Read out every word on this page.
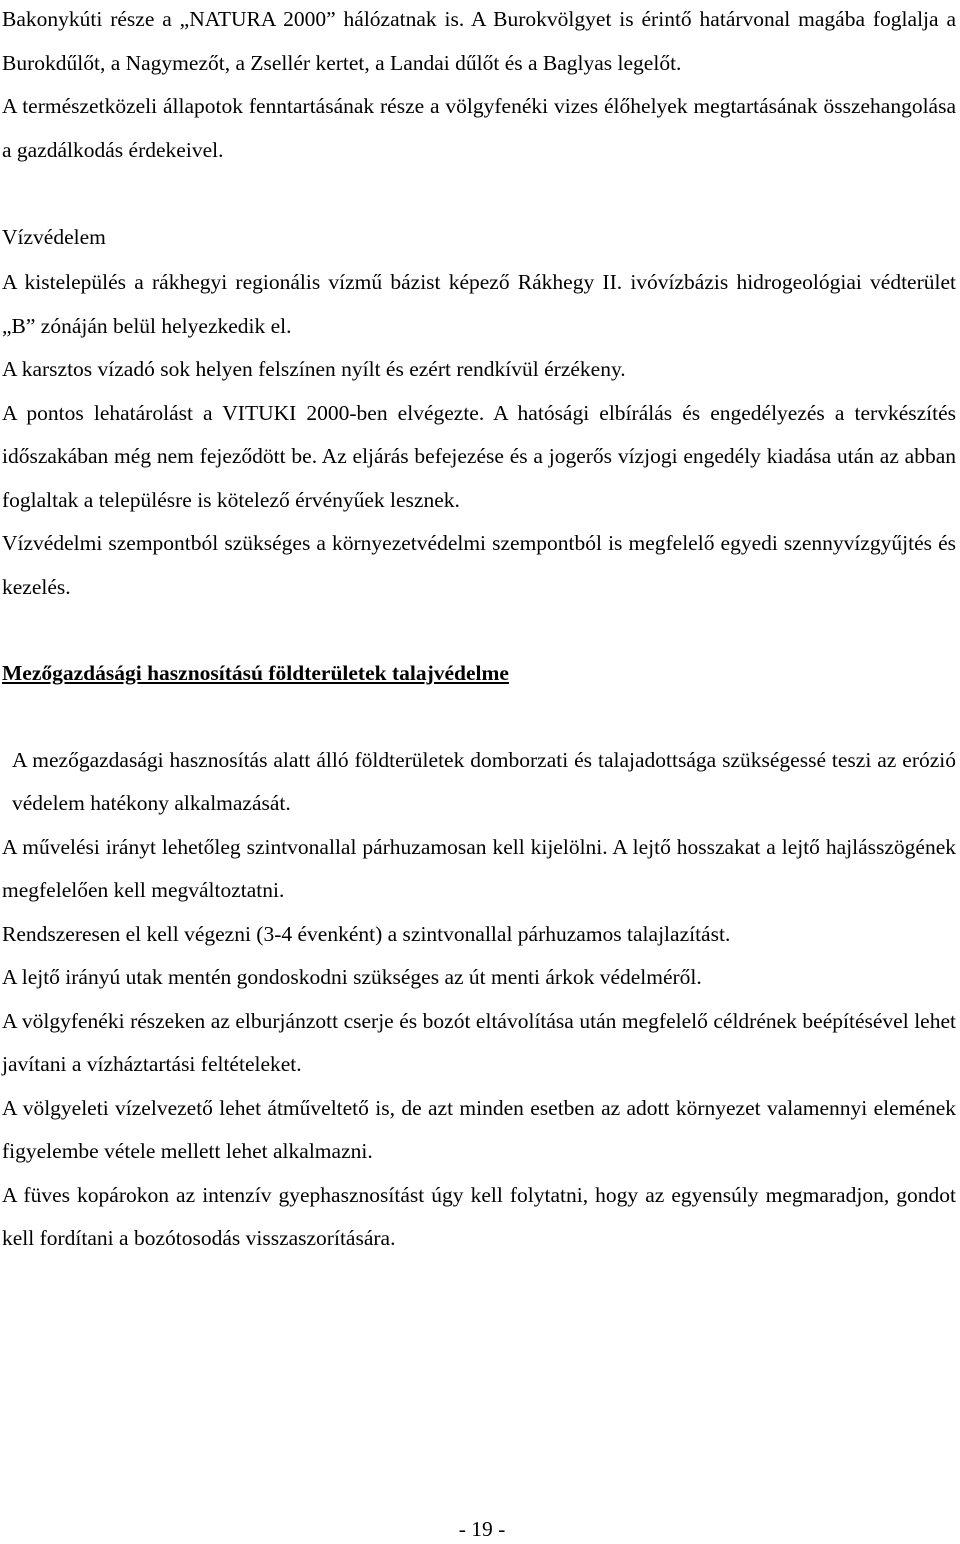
Bakonykúti része a „NATURA 2000” hálózatnak is. A Burokvölgyet is érintő határvonal magába foglalja a Burokdűlőt, a Nagymezőt, a Zsellér kertet, a Landai dűlőt és a Baglyas legelőt.

A természetközeli állapotok fenntartásának része a völgyfenéki vizes élőhelyek megtartásának összehangolása a gazdálkodás érdekeivel.

Vízvédelem

A kistelepülés a rákhegyi regionális vízmű bázist képező Rákhegy II. ivóvízbázis hidrogeológiai védterület „B” zónáján belül helyezkedik el.

A karsztos vízadó sok helyen felszínen nyílt és ezért rendkívül érzékeny.

A pontos lehatárolást a VITUKI 2000-ben elvégezte. A hatósági elbírálás és engedélyezés a tervkészítés időszakában még nem fejeződött be. Az eljárás befejezése és a jogerős vízjogi engedély kiadása után az abban foglaltak a településre is kötelező érvényűek lesznek.

Vízvédelmi szempontból szükséges a környezetvédelmi szempontból is megfelelő egyedi szennyvízgyűjtés és kezelés.

Mezőgazdásági hasznosítású földterületek talajvédelme

A mezőgazdasági hasznosítás alatt álló földterületek domborzati és talajadottsága szükségessé teszi az erózió védelem hatékony alkalmazását.

A művelési irányt lehetőleg szintvonallal párhuzamosan kell kijelölni. A lejtő hosszakat a lejtő hajlásszögének megfelelően kell megváltoztatni.

Rendszeresen el kell végezni (3-4 évenként) a szintvonallal párhuzamos talajlazítást.

A lejtő irányú utak mentén gondoskodni szükséges az út menti árkok védelméről.

A völgyfenéki részeken az elburjánzott cserje és bozót eltávolítása után megfelelő céldrének beépítésével lehet javítani a vízháztartási feltételeket.

A völgyeleti vízelvezető lehet átműveltető is, de azt minden esetben az adott környezet valamennyi elemének figyelembe vétele mellett lehet alkalmazni.

A füves kopárokon az intenzív gyephasznosítást úgy kell folytatni, hogy az egyensúly megmaradjon, gondot kell fordítani a bozótosodás visszaszorítására.

- 19 -
